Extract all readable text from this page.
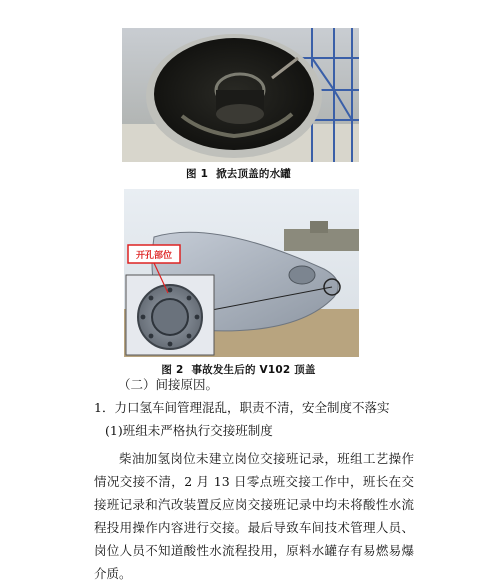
图 1 掀去顶盖的水罐
开孔部位
图 2 事故发生后的 V102 顶盖
（二）间接原因。
1．力口氢车间管理混乱，职责不清，安全制度不落实
(1)班组未严格执行交接班制度
柴油加氢岗位未建立岗位交接班记录，班组工艺操作情况交接不清，2 月 13 日零点班交接工作中，班长在交接班记录和汽改装置反应岗交接班记录中均未将酸性水流程投用操作内容进行交接。最后导致车间技术管理人员、岗位人员不知道酸性水流程投用，原料水罐存有易燃易爆介质。
